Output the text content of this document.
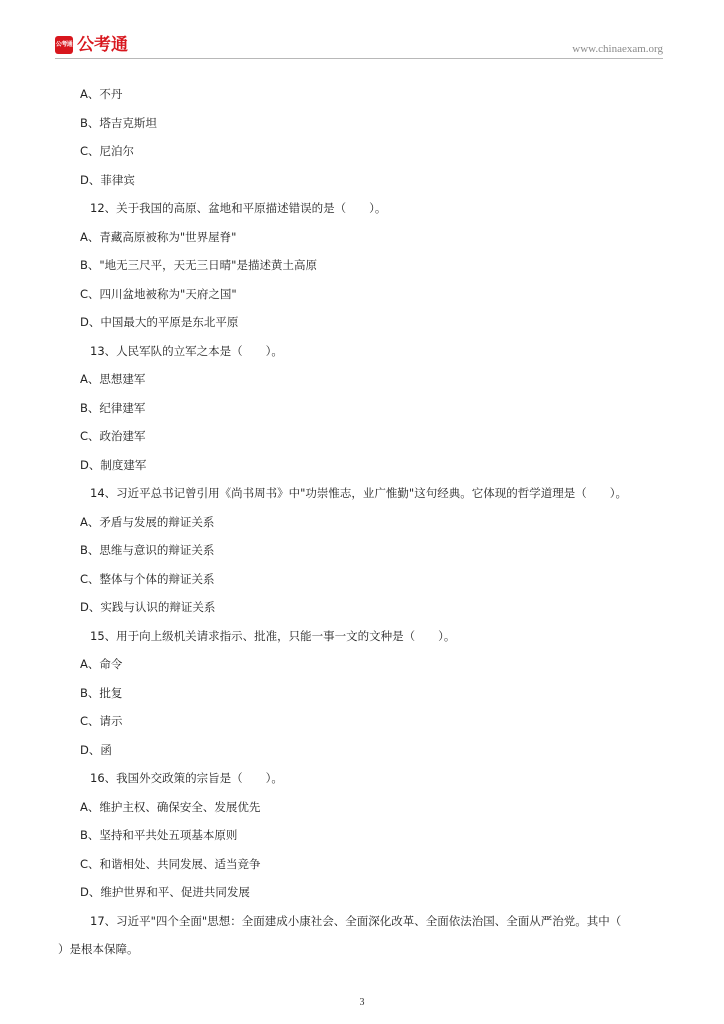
公考通 公考通	www.chinaexam.org
A、不丹
B、塔吉克斯坦
C、尼泊尔
D、菲律宾
12、关于我国的高原、盆地和平原描述错误的是（　　）。
A、青藏高原被称为"世界屋脊"
B、"地无三尺平，天无三日晴"是描述黄土高原
C、四川盆地被称为"天府之国"
D、中国最大的平原是东北平原
13、人民军队的立军之本是（　　）。
A、思想建军
B、纪律建军
C、政治建军
D、制度建军
14、习近平总书记曾引用《尚书周书》中"功崇惟志，业广惟勤"这句经典。它体现的哲学道理是（　　）。
A、矛盾与发展的辩证关系
B、思维与意识的辩证关系
C、整体与个体的辩证关系
D、实践与认识的辩证关系
15、用于向上级机关请求指示、批准，只能一事一文的文种是（　　）。
A、命令
B、批复
C、请示
D、函
16、我国外交政策的宗旨是（　　）。
A、维护主权、确保安全、发展优先
B、坚持和平共处五项基本原则
C、和谐相处、共同发展、适当竞争
D、维护世界和平、促进共同发展
17、习近平"四个全面"思想：全面建成小康社会、全面深化改革、全面依法治国、全面从严治党。其中（
）是根本保障。
3
